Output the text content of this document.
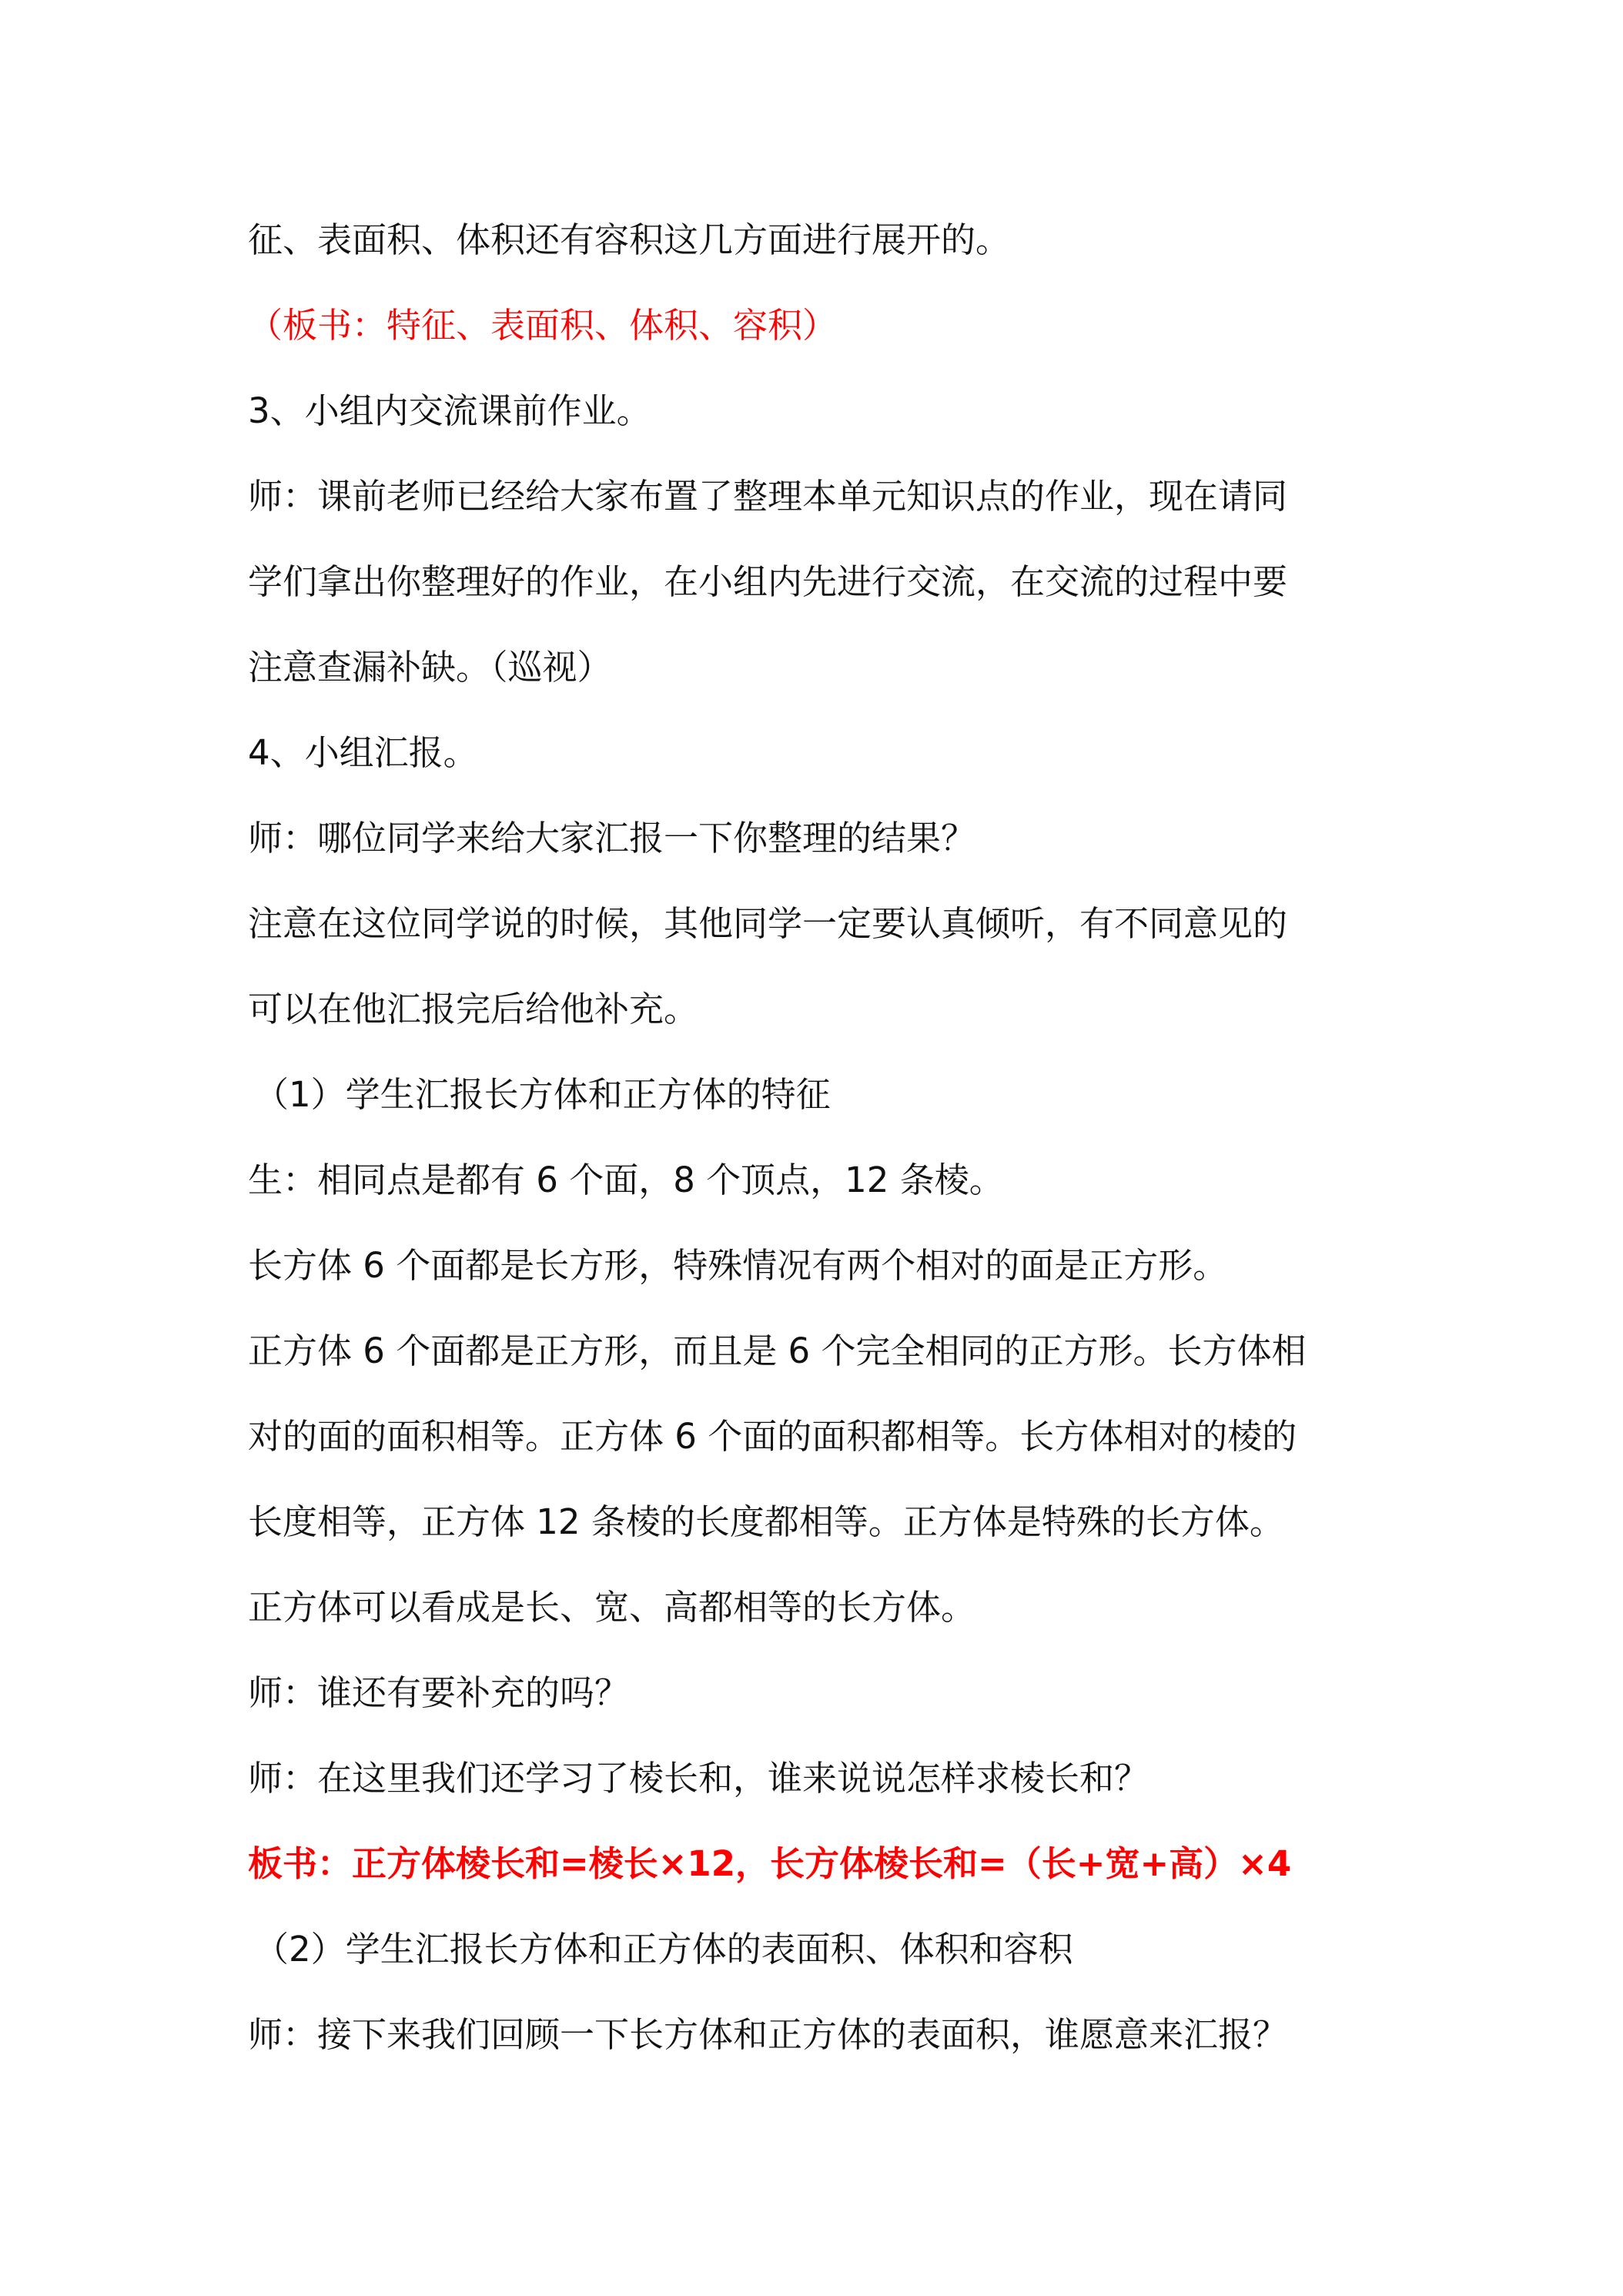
征、表面积、体积还有容积这几方面进行展开的。
（板书：特征、表面积、体积、容积）
3、小组内交流课前作业。
师：课前老师已经给大家布置了整理本单元知识点的作业，现在请同
学们拿出你整理好的作业，在小组内先进行交流，在交流的过程中要
注意查漏补缺。（巡视）
4、小组汇报。
师：哪位同学来给大家汇报一下你整理的结果？
注意在这位同学说的时候，其他同学一定要认真倾听，有不同意见的
可以在他汇报完后给他补充。
（1）学生汇报长方体和正方体的特征
生：相同点是都有 6 个面，8 个顶点，12 条棱。
长方体 6 个面都是长方形，特殊情况有两个相对的面是正方形。
正方体 6 个面都是正方形，而且是 6 个完全相同的正方形。长方体相
对的面的面积相等。正方体 6 个面的面积都相等。长方体相对的棱的
长度相等，正方体 12 条棱的长度都相等。正方体是特殊的长方体。
正方体可以看成是长、宽、高都相等的长方体。
师：谁还有要补充的吗？
师：在这里我们还学习了棱长和，谁来说说怎样求棱长和？
板书：正方体棱长和=棱长×12，长方体棱长和=（长+宽+高）×4
（2）学生汇报长方体和正方体的表面积、体积和容积
师：接下来我们回顾一下长方体和正方体的表面积，谁愿意来汇报？
